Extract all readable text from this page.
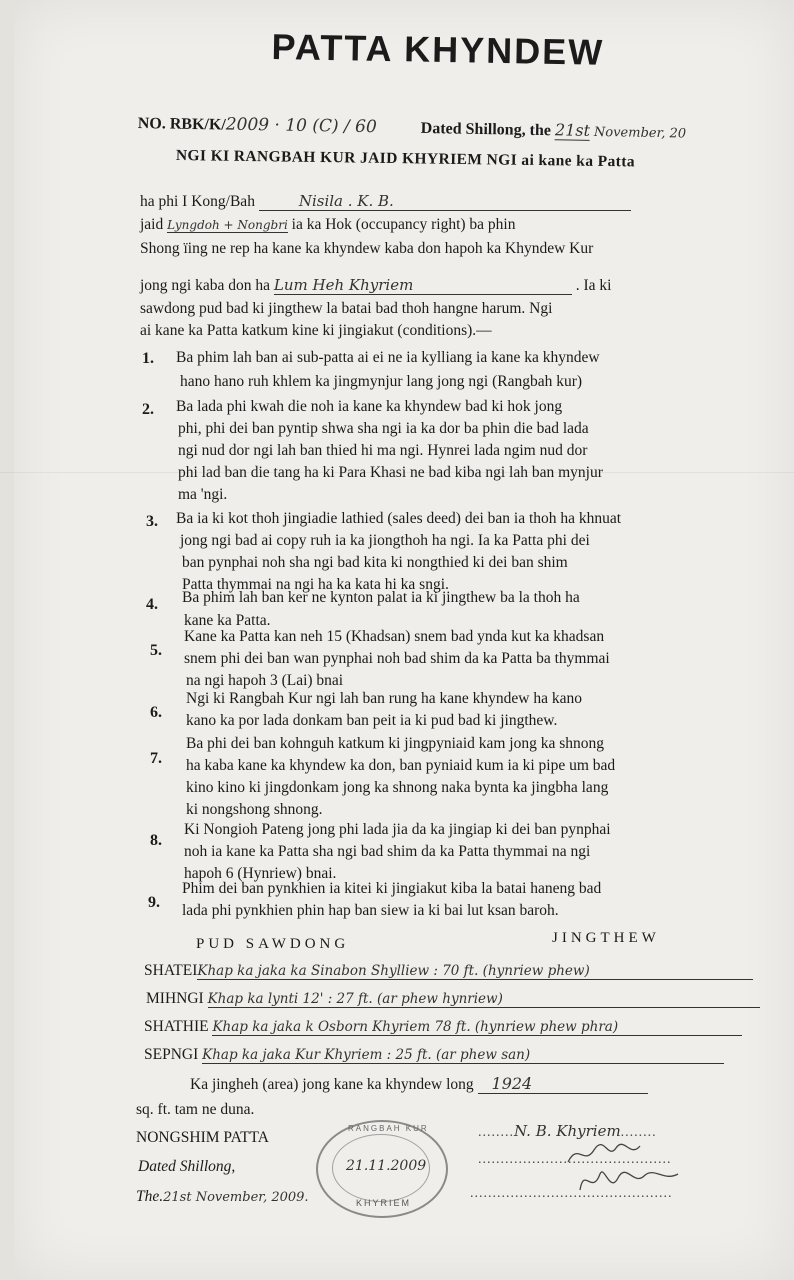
PATTA KHYNDEW
NO. RBK/K/2009 · 10 (C) / 60	Dated Shillong, the 21st November, 20
NGI KI RANGBAH KUR JAID KHYRIEM NGI ai kane ka Patta
ha phi I Kong/Bah	Nisila . K. B.
jaid Lyngdoh + Nongbri ia ka Hok (occupancy right) ba phin
Shong ïing ne rep ha kane ka khyndew kaba don hapoh ka Khyndew Kur
jong ngi kaba don ha Lum Heh Khyriem	. Ia ki
sawdong pud bad ki jingthew la batai bad thoh hangne harum. Ngi
ai kane ka Patta katkum kine ki jingiakut (conditions).—
1. Ba phim lah ban ai sub-patta ai ei ne ia kylliang ia kane ka khyndew
hano hano ruh khlem ka jingmynjur lang jong ngi (Rangbah kur)
2. Ba lada phi kwah die noh ia kane ka khyndew bad ki hok jong
phi, phi dei ban pyntip shwa sha ngi ia ka dor ba phin die bad lada
ngi nud dor ngi lah ban thied hi ma ngi. Hynrei lada ngim nud dor
phi lad ban die tang ha ki Para Khasi ne bad kiba ngi lah ban mynjur
ma 'ngi.
3. Ba ia ki kot thoh jingiadie lathied (sales deed) dei ban ia thoh ha khnuat
jong ngi bad ai copy ruh ia ka jiongthoh ha ngi. Ia ka Patta phi dei
ban pynphai noh sha ngi bad kita ki nongthied ki dei ban shim
Patta thymmai na ngi ha ka kata hi ka sngi.
4. Ba phim lah ban ker ne kynton palat ia ki jingthew ba la thoh ha
kane ka Patta.
5.
Kane ka Patta kan neh 15 (Khadsan) snem bad ynda kut ka khadsan
snem phi dei ban wan pynphai noh bad shim da ka Patta ba thymmai
na ngi hapoh 3 (Lai) bnai
6.
Ngi ki Rangbah Kur ngi lah ban rung ha kane khyndew ha kano
kano ka por lada donkam ban peit ia ki pud bad ki jingthew.
7.
Ba phi dei ban kohnguh katkum ki jingpyniaid kam jong ka shnong
ha kaba kane ka khyndew ka don, ban pyniaid kum ia ki pipe um bad
kino kino ki jingdonkam jong ka shnong naka bynta ka jingbha lang
ki nongshong shnong.
8.
Ki Nongioh Pateng jong phi lada jia da ka jingiap ki dei ban pynphai
noh ia kane ka Patta sha ngi bad shim da ka Patta thymmai na ngi
hapoh 6 (Hynriew) bnai.
9.
Phim dei ban pynkhien ia kitei ki jingiakut kiba la batai haneng bad
lada phi pynkhien phin hap ban siew ia ki bai lut ksan baroh.
PUD SAWDONG	JINGTHEW
SHATEIKhap ka jaka ka Sinabon Shylliew : 70 ft. (hynriew phew)
MIHNGI Khap ka lynti 12' : 27 ft. (ar phew hynriew)
SHATHIE Khap ka jaka k Osborn Khyriem 78 ft. (hynriew phew phra)
SEPNGI Khap ka jaka Kur Khyriem : 25 ft. (ar phew san)
Ka jingheh (area) jong kane ka khyndew long 1924
sq. ft. tam ne duna.
NONGSHIM PATTA
Dated Shillong,
The.21st November, 2009.
RANGBAH KUR
21.11.2009
KHYRIEM
........N. B. Khyriem........
...........................................
.............................................
